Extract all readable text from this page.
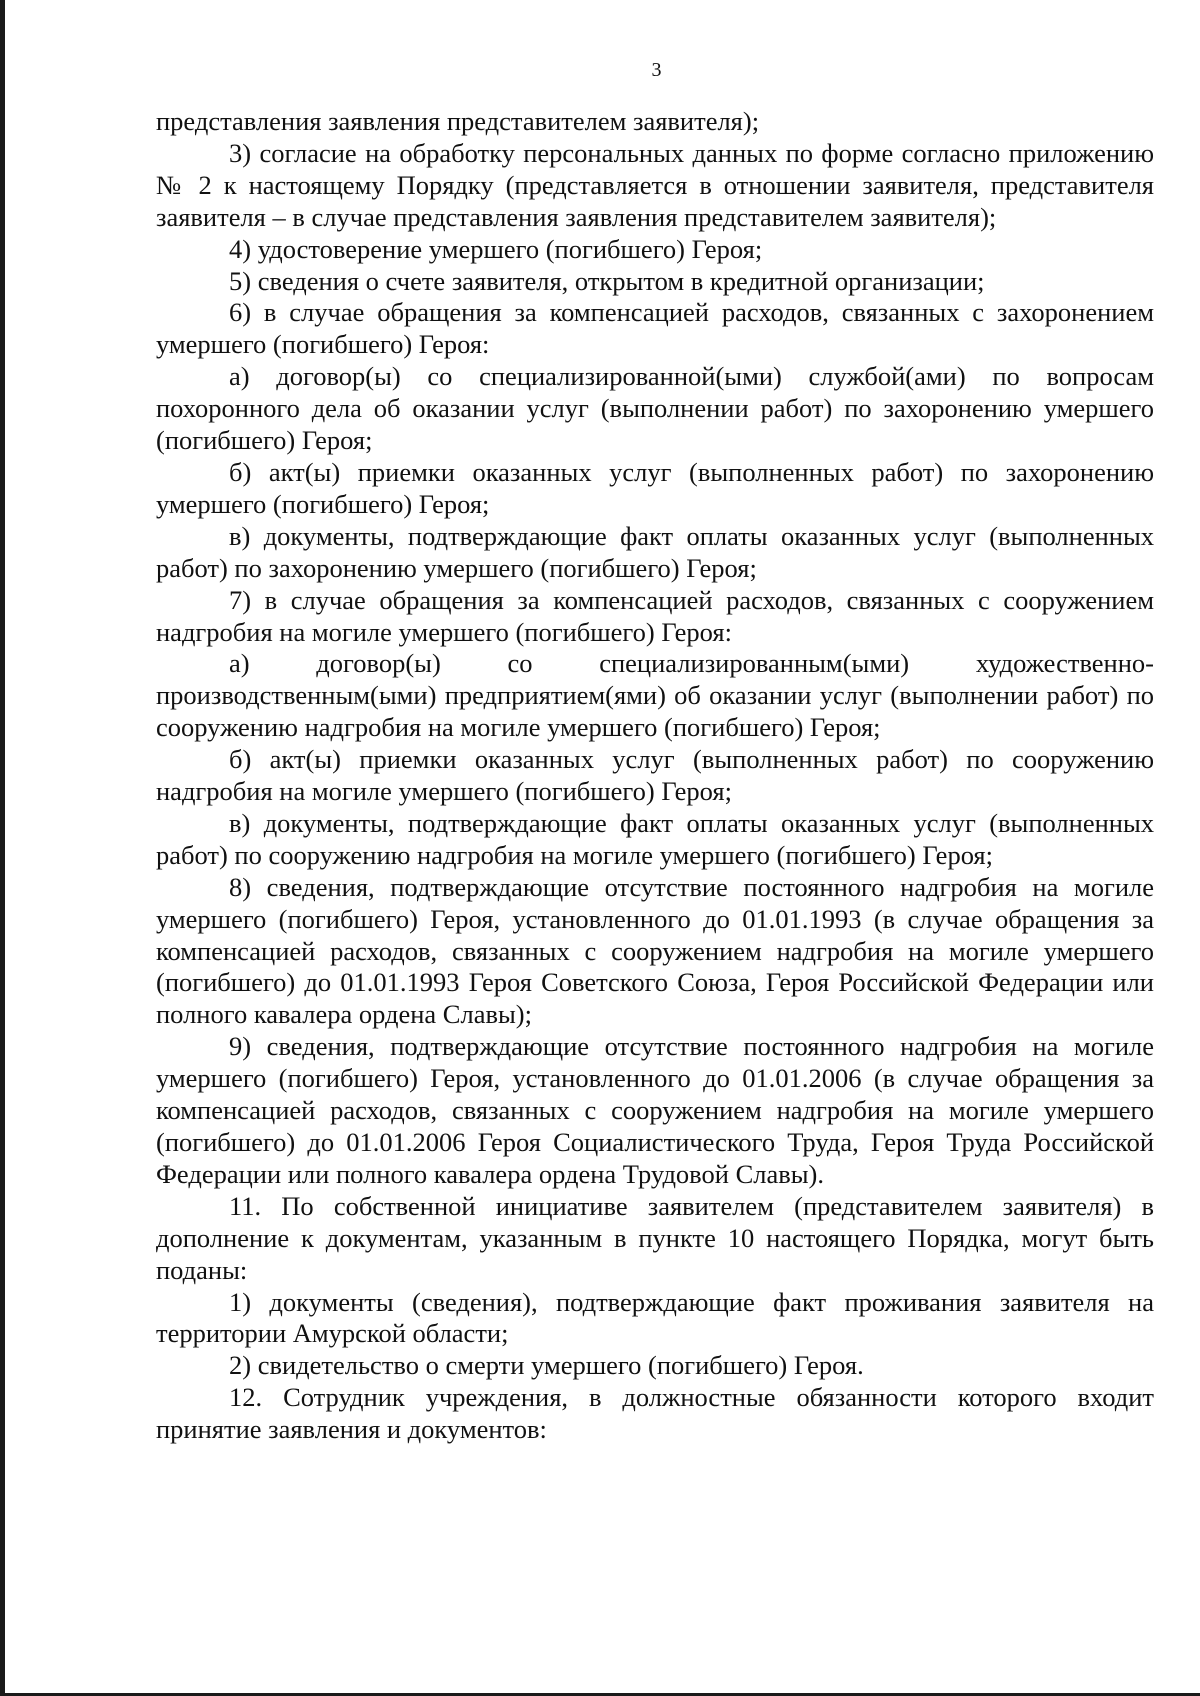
3

представления заявления представителем заявителя);

3) согласие на обработку персональных данных по форме согласно приложению № 2 к настоящему Порядку (представляется в отношении заявителя, представителя заявителя – в случае представления заявления представителем заявителя);

4) удостоверение умершего (погибшего) Героя;

5) сведения о счете заявителя, открытом в кредитной организации;

6) в случае обращения за компенсацией расходов, связанных с захоронением умершего (погибшего) Героя:

а) договор(ы) со специализированной(ыми) службой(ами) по вопросам похоронного дела об оказании услуг (выполнении работ) по захоронению умершего (погибшего) Героя;

б) акт(ы) приемки оказанных услуг (выполненных работ) по захоронению умершего (погибшего) Героя;

в) документы, подтверждающие факт оплаты оказанных услуг (выполненных работ) по захоронению умершего (погибшего) Героя;

7) в случае обращения за компенсацией расходов, связанных с сооружением надгробия на могиле умершего (погибшего) Героя:

а) договор(ы) со специализированным(ыми) художественно-производственным(ыми) предприятием(ями) об оказании услуг (выполнении работ) по сооружению надгробия на могиле умершего (погибшего) Героя;

б) акт(ы) приемки оказанных услуг (выполненных работ) по сооружению надгробия на могиле умершего (погибшего) Героя;

в) документы, подтверждающие факт оплаты оказанных услуг (выполненных работ) по сооружению надгробия на могиле умершего (погибшего) Героя;

8) сведения, подтверждающие отсутствие постоянного надгробия на могиле умершего (погибшего) Героя, установленного до 01.01.1993 (в случае обращения за компенсацией расходов, связанных с сооружением надгробия на могиле умершего (погибшего) до 01.01.1993 Героя Советского Союза, Героя Российской Федерации или полного кавалера ордена Славы);

9) сведения, подтверждающие отсутствие постоянного надгробия на могиле умершего (погибшего) Героя, установленного до 01.01.2006 (в случае обращения за компенсацией расходов, связанных с сооружением надгробия на могиле умершего (погибшего) до 01.01.2006 Героя Социалистического Труда, Героя Труда Российской Федерации или полного кавалера ордена Трудовой Славы).

11. По собственной инициативе заявителем (представителем заявителя) в дополнение к документам, указанным в пункте 10 настоящего Порядка, могут быть поданы:

1) документы (сведения), подтверждающие факт проживания заявителя на территории Амурской области;

2) свидетельство о смерти умершего (погибшего) Героя.

12. Сотрудник учреждения, в должностные обязанности которого входит принятие заявления и документов:
